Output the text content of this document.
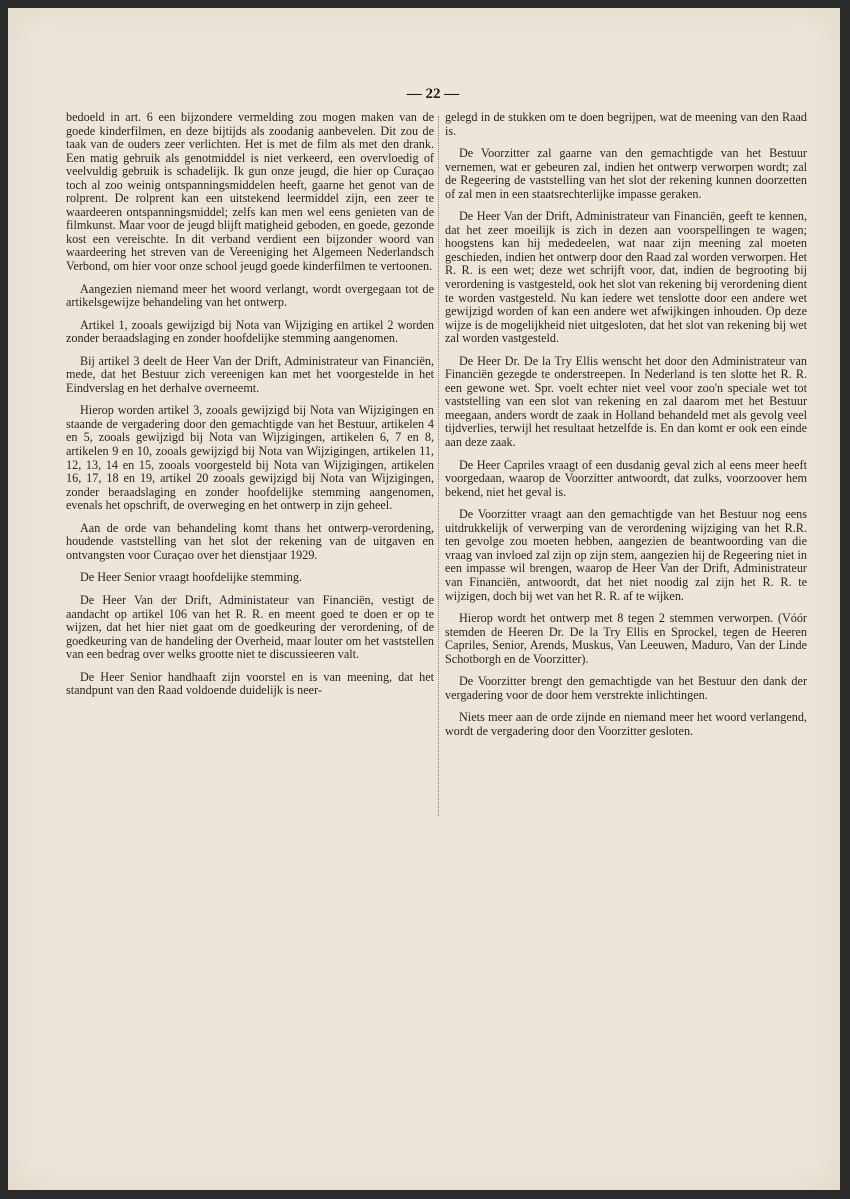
— 22 —

bedoeld in art. 6 een bijzondere vermelding zou mogen maken van de goede kinderfilmen, en deze bijtijds als zoodanig aanbevelen. Dit zou de taak van de ouders zeer verlichten. Het is met de film als met den drank. Een matig gebruik als genotmiddel is niet verkeerd, een overvloedig of veelvuldig gebruik is schadelijk. Ik gun onze jeugd, die hier op Curaçao toch al zoo weinig ontspanningsmiddelen heeft, gaarne het genot van de rolprent. De rolprent kan een uitstekend leermiddel zijn, een zeer te waardeeren ontspanningsmiddel; zelfs kan men wel eens genieten van de filmkunst. Maar voor de jeugd blijft matigheid geboden, en goede, gezonde kost een vereischte. In dit verband verdient een bijzonder woord van waardeering het streven van de Vereeniging het Algemeen Nederlandsch Verbond, om hier voor onze school jeugd goede kinderfilmen te vertoonen.

Aangezien niemand meer het woord verlangt, wordt overgegaan tot de artikelsgewijze behandeling van het ontwerp.

Artikel 1, zooals gewijzigd bij Nota van Wijziging en artikel 2 worden zonder beraadslaging en zonder hoofdelijke stemming aangenomen.

Bij artikel 3 deelt de Heer Van der Drift, Administrateur van Financiën, mede, dat het Bestuur zich vereenigen kan met het voorgestelde in het Eindverslag en het derhalve overneemt.

Hierop worden artikel 3, zooals gewijzigd bij Nota van Wijzigingen en staande de vergadering door den gemachtigde van het Bestuur, artikelen 4 en 5, zooals gewijzigd bij Nota van Wijzigingen, artikelen 6, 7 en 8, artikelen 9 en 10, zooals gewijzigd bij Nota van Wijzigingen, artikelen 11, 12, 13, 14 en 15, zooals voorgesteld bij Nota van Wijzigingen, artikelen 16, 17, 18 en 19, artikel 20 zooals gewijzigd bij Nota van Wijzigingen, zonder beraadslaging en zonder hoofdelijke stemming aangenomen, evenals het opschrift, de overweging en het ontwerp in zijn geheel.

Aan de orde van behandeling komt thans het ontwerp-verordening, houdende vaststelling van het slot der rekening van de uitgaven en ontvangsten voor Curaçao over het dienstjaar 1929.

De Heer Senior vraagt hoofdelijke stemming.

De Heer Van der Drift, Administateur van Financiën, vestigt de aandacht op artikel 106 van het R. R. en meent goed te doen er op te wijzen, dat het hier niet gaat om de goedkeuring der verordening, of de goedkeuring van de handeling der Overheid, maar louter om het vaststellen van een bedrag over welks grootte niet te discussieeren valt.

De Heer Senior handhaaft zijn voorstel en is van meening, dat het standpunt van den Raad voldoende duidelijk is neer-

gelegd in de stukken om te doen begrijpen, wat de meening van den Raad is.

De Voorzitter zal gaarne van den gemachtigde van het Bestuur vernemen, wat er gebeuren zal, indien het ontwerp verworpen wordt; zal de Regeering de vaststelling van het slot der rekening kunnen doorzetten of zal men in een staatsrechterlijke impasse geraken.

De Heer Van der Drift, Administrateur van Financiën, geeft te kennen, dat het zeer moeilijk is zich in dezen aan voorspellingen te wagen; hoogstens kan hij mededeelen, wat naar zijn meening zal moeten geschieden, indien het ontwerp door den Raad zal worden verworpen. Het R. R. is een wet; deze wet schrijft voor, dat, indien de begrooting bij verordening is vastgesteld, ook het slot van rekening bij verordening dient te worden vastgesteld. Nu kan iedere wet tenslotte door een andere wet gewijzigd worden of kan een andere wet afwijkingen inhouden. Op deze wijze is de mogelijkheid niet uitgesloten, dat het slot van rekening bij wet zal worden vastgesteld.

De Heer Dr. De la Try Ellis wenscht het door den Administrateur van Financiën gezegde te onderstreepen. In Nederland is ten slotte het R. R. een gewone wet. Spr. voelt echter niet veel voor zoo'n speciale wet tot vaststelling van een slot van rekening en zal daarom met het Bestuur meegaan, anders wordt de zaak in Holland behandeld met als gevolg veel tijdverlies, terwijl het resultaat hetzelfde is. En dan komt er ook een einde aan deze zaak.

De Heer Capriles vraagt of een dusdanig geval zich al eens meer heeft voorgedaan, waarop de Voorzitter antwoordt, dat zulks, voorzoover hem bekend, niet het geval is.

De Voorzitter vraagt aan den gemachtigde van het Bestuur nog eens uitdrukkelijk of verwerping van de verordening wijziging van het R.R. ten gevolge zou moeten hebben, aangezien de beantwoording van die vraag van invloed zal zijn op zijn stem, aangezien hij de Regeering niet in een impasse wil brengen, waarop de Heer Van der Drift, Administrateur van Financiën, antwoordt, dat het niet noodig zal zijn het R. R. te wijzigen, doch bij wet van het R. R. af te wijken.

Hierop wordt het ontwerp met 8 tegen 2 stemmen verworpen. (Vóór stemden de Heeren Dr. De la Try Ellis en Sprockel, tegen de Heeren Capriles, Senior, Arends, Muskus, Van Leeuwen, Maduro, Van der Linde Schotborgh en de Voorzitter).

De Voorzitter brengt den gemachtigde van het Bestuur den dank der vergadering voor de door hem verstrekte inlichtingen.

Niets meer aan de orde zijnde en niemand meer het woord verlangend, wordt de vergadering door den Voorzitter gesloten.
